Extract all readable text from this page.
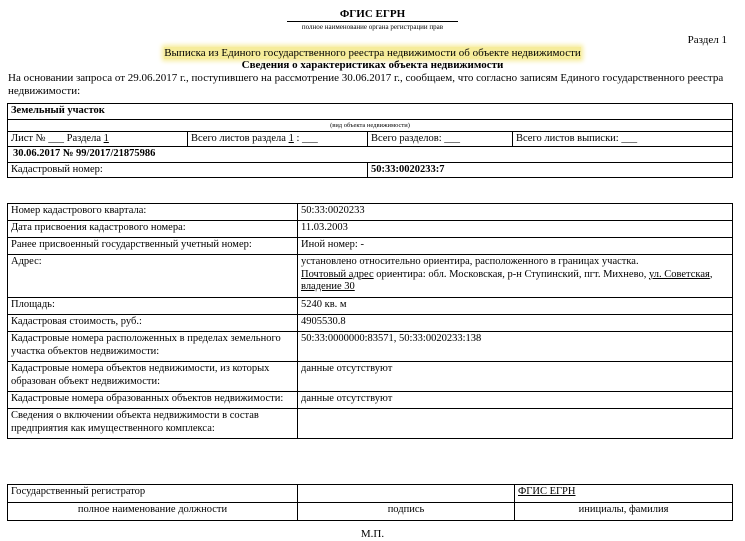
ФГИС ЕГРН
полное наименование органа регистрации прав
Раздел 1
Выписка из Единого государственного реестра недвижимости об объекте недвижимости
Сведения о характеристиках объекта недвижимости
На основании запроса от 29.06.2017 г., поступившего на рассмотрение 30.06.2017 г., сообщаем, что согласно записям Единого государственного реестра недвижимости:
Земельный участок			
(вид объекта недвижимости)			
Лист № ___ Раздела 1	Всего листов раздела 1 : ___	Всего разделов: ___	Всего листов выписки: ___
30.06.2017 № 99/2017/21875986			
Кадастровый номер:		50:33:0020233:7	
Номер кадастрового квартала:	50:33:0020233
Дата присвоения кадастрового номера:	11.03.2003
Ранее присвоенный государственный учетный номер:	Иной номер: -
Адрес:	установлено относительно ориентира, расположенного в границах участка.
Почтовый адрес ориентира: обл. Московская, р-н Ступинский, пгт. Михнево, ул. Советская, владение 30

Площадь:	5240 кв. м
Кадастровая стоимость, руб.:	4905530.8
Кадастровые номера расположенных в пределах земельного участка объектов недвижимости:	50:33:0000000:83571, 50:33:0020233:138
Кадастровые номера объектов недвижимости, из которых образован объект недвижимости:	данные отсутствуют
Кадастровые номера образованных объектов недвижимости:	данные отсутствуют
Сведения о включении объекта недвижимости в состав предприятия как имущественного комплекса:	
Государственный регистратор		ФГИС ЕГРН
полное наименование должности	подпись	инициалы, фамилия
М.П.
